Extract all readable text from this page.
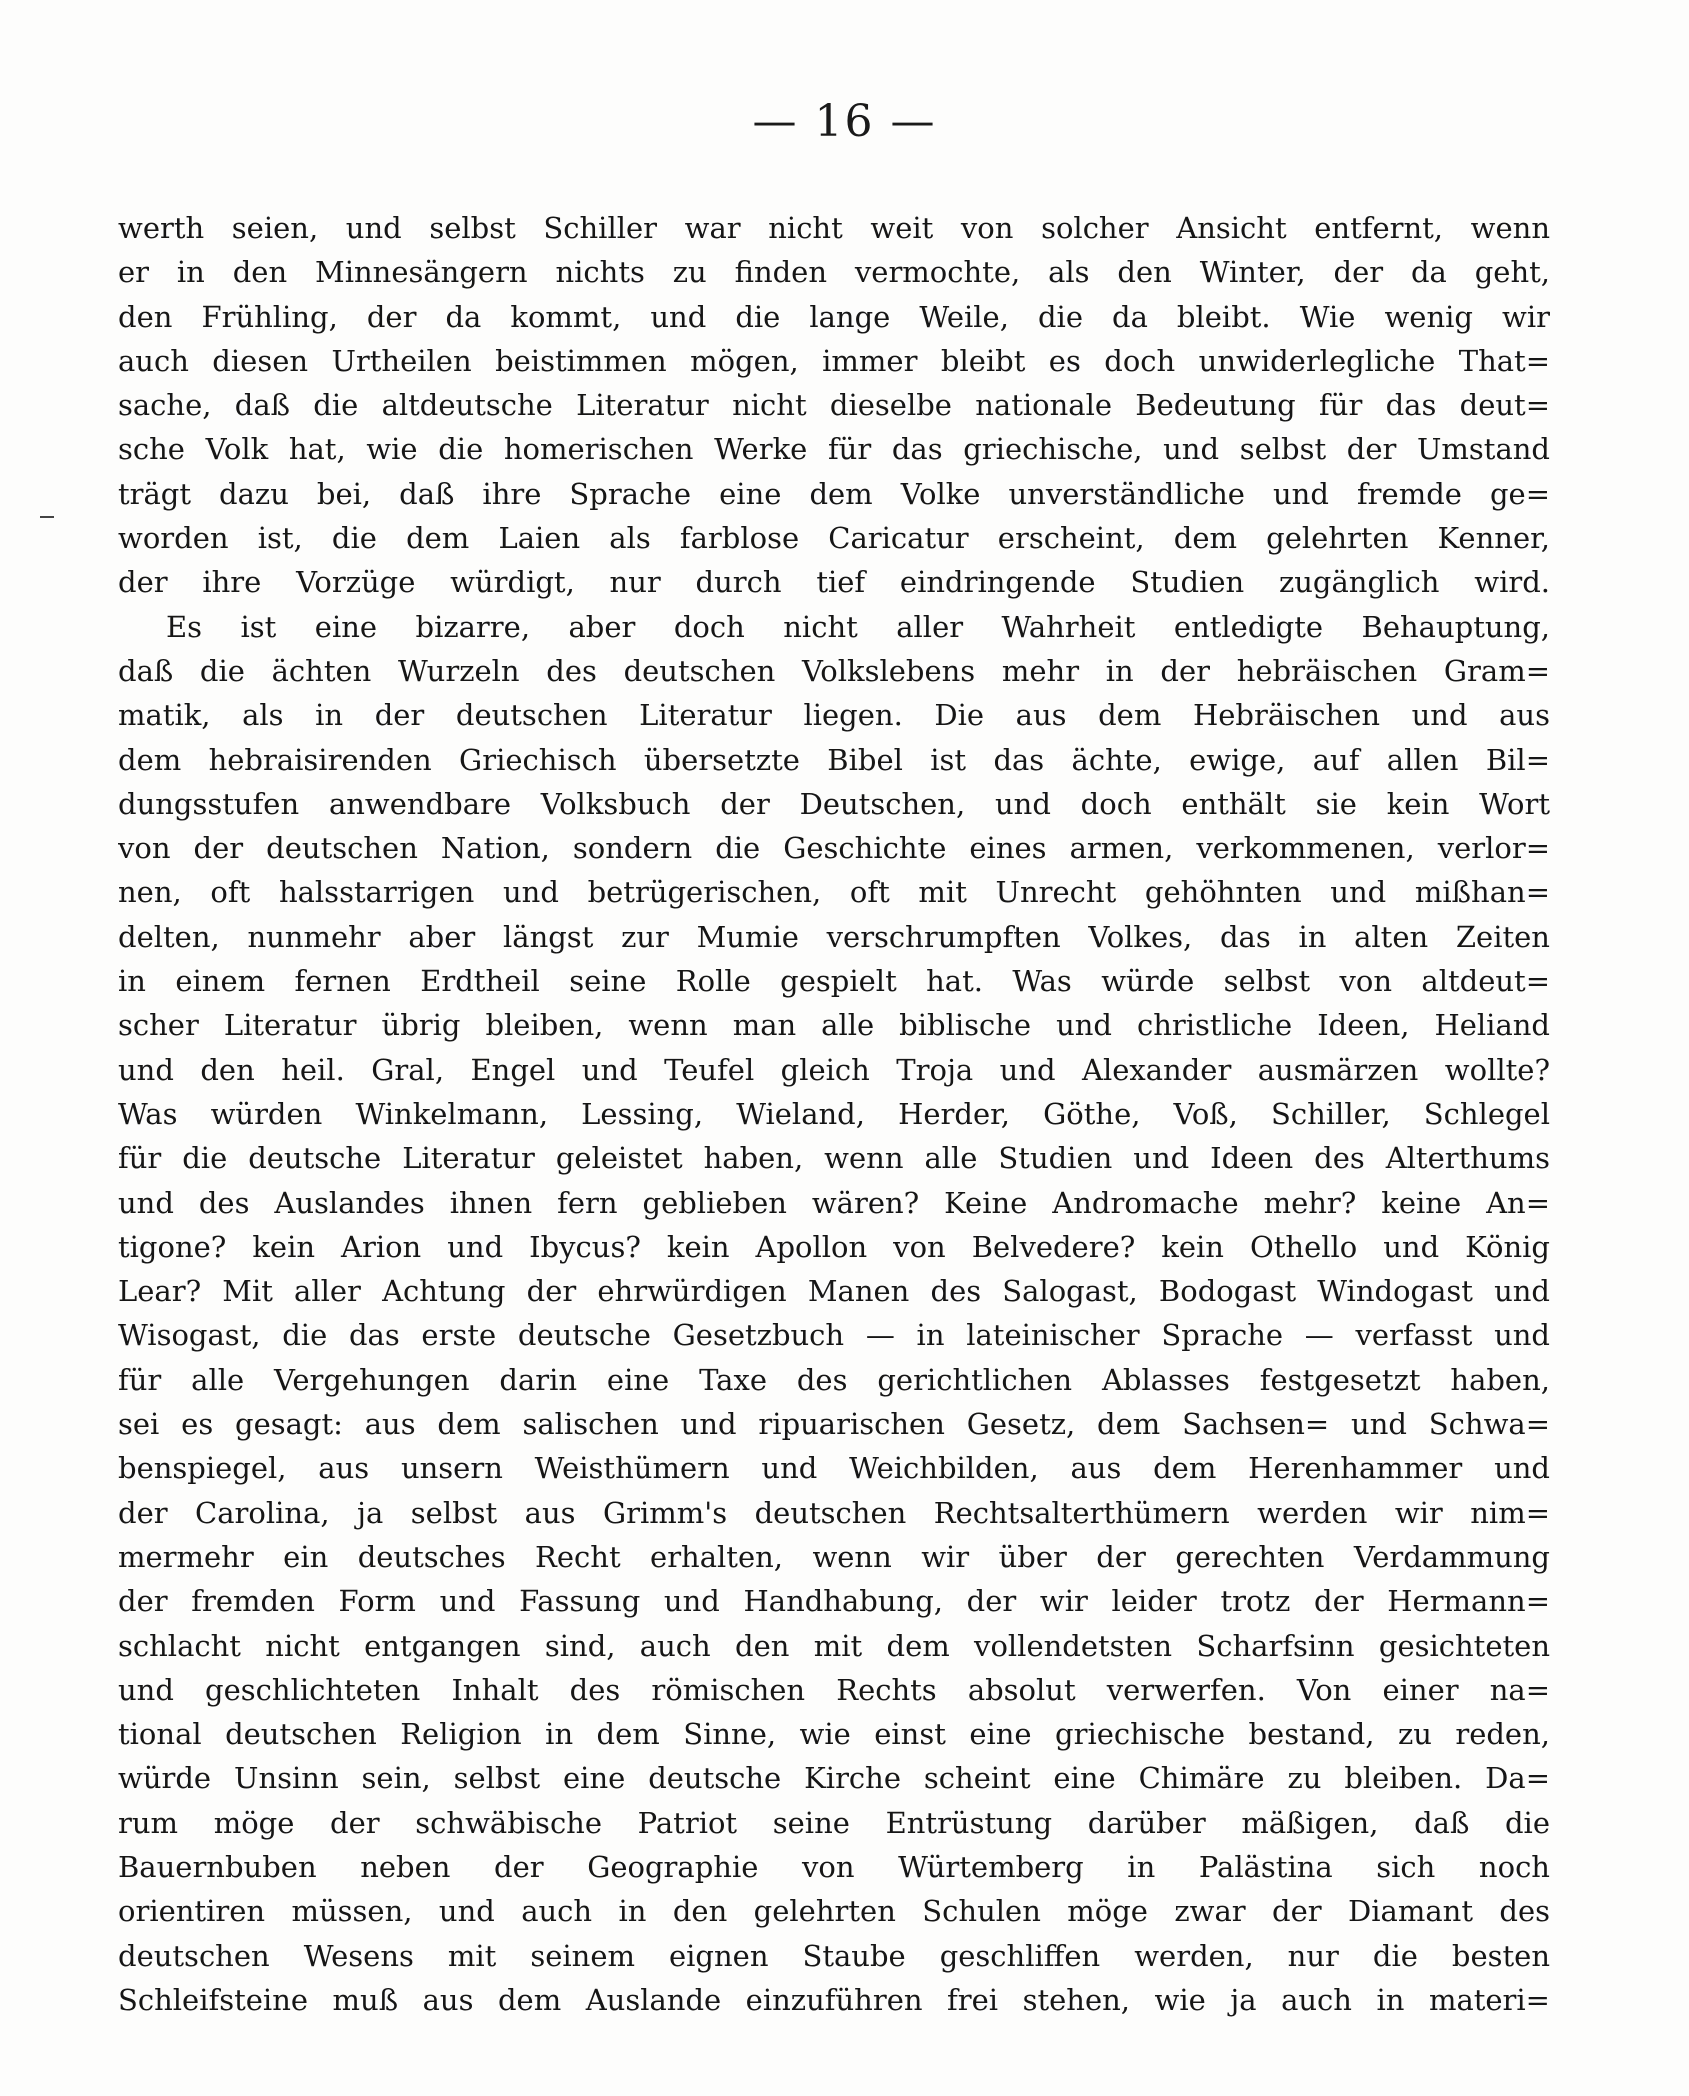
— 16 —
werth seien, und selbst Schiller war nicht weit von solcher Ansicht entfernt, wenn
er in den Minnesängern nichts zu finden vermochte, als den Winter, der da geht,
den Frühling, der da kommt, und die lange Weile, die da bleibt. Wie wenig wir
auch diesen Urtheilen beistimmen mögen, immer bleibt es doch unwiderlegliche That=
sache, daß die altdeutsche Literatur nicht dieselbe nationale Bedeutung für das deut=
sche Volk hat, wie die homerischen Werke für das griechische, und selbst der Umstand
trägt dazu bei, daß ihre Sprache eine dem Volke unverständliche und fremde ge=
worden ist, die dem Laien als farblose Caricatur erscheint, dem gelehrten Kenner,
der ihre Vorzüge würdigt, nur durch tief eindringende Studien zugänglich wird.
Es ist eine bizarre, aber doch nicht aller Wahrheit entledigte Behauptung,
daß die ächten Wurzeln des deutschen Volkslebens mehr in der hebräischen Gram=
matik, als in der deutschen Literatur liegen. Die aus dem Hebräischen und aus
dem hebraisirenden Griechisch übersetzte Bibel ist das ächte, ewige, auf allen Bil=
dungsstufen anwendbare Volksbuch der Deutschen, und doch enthält sie kein Wort
von der deutschen Nation, sondern die Geschichte eines armen, verkommenen, verlor=
nen, oft halsstarrigen und betrügerischen, oft mit Unrecht gehöhnten und mißhan=
delten, nunmehr aber längst zur Mumie verschrumpften Volkes, das in alten Zeiten
in einem fernen Erdtheil seine Rolle gespielt hat. Was würde selbst von altdeut=
scher Literatur übrig bleiben, wenn man alle biblische und christliche Ideen, Heliand
und den heil. Gral, Engel und Teufel gleich Troja und Alexander ausmärzen wollte?
Was würden Winkelmann, Lessing, Wieland, Herder, Göthe, Voß, Schiller, Schlegel
für die deutsche Literatur geleistet haben, wenn alle Studien und Ideen des Alterthums
und des Auslandes ihnen fern geblieben wären? Keine Andromache mehr? keine An=
tigone? kein Arion und Ibycus? kein Apollon von Belvedere? kein Othello und König
Lear? Mit aller Achtung der ehrwürdigen Manen des Salogast, Bodogast Windogast und
Wisogast, die das erste deutsche Gesetzbuch — in lateinischer Sprache — verfasst und
für alle Vergehungen darin eine Taxe des gerichtlichen Ablasses festgesetzt haben,
sei es gesagt: aus dem salischen und ripuarischen Gesetz, dem Sachsen= und Schwa=
benspiegel, aus unsern Weisthümern und Weichbilden, aus dem Herenhammer und
der Carolina, ja selbst aus Grimm's deutschen Rechtsalterthümern werden wir nim=
mermehr ein deutsches Recht erhalten, wenn wir über der gerechten Verdammung
der fremden Form und Fassung und Handhabung, der wir leider trotz der Hermann=
schlacht nicht entgangen sind, auch den mit dem vollendetsten Scharfsinn gesichteten
und geschlichteten Inhalt des römischen Rechts absolut verwerfen. Von einer na=
tional deutschen Religion in dem Sinne, wie einst eine griechische bestand, zu reden,
würde Unsinn sein, selbst eine deutsche Kirche scheint eine Chimäre zu bleiben. Da=
rum möge der schwäbische Patriot seine Entrüstung darüber mäßigen, daß die
Bauernbuben neben der Geographie von Würtemberg in Palästina sich noch
orientiren müssen, und auch in den gelehrten Schulen möge zwar der Diamant des
deutschen Wesens mit seinem eignen Staube geschliffen werden, nur die besten
Schleifsteine muß aus dem Auslande einzuführen frei stehen, wie ja auch in materi=
